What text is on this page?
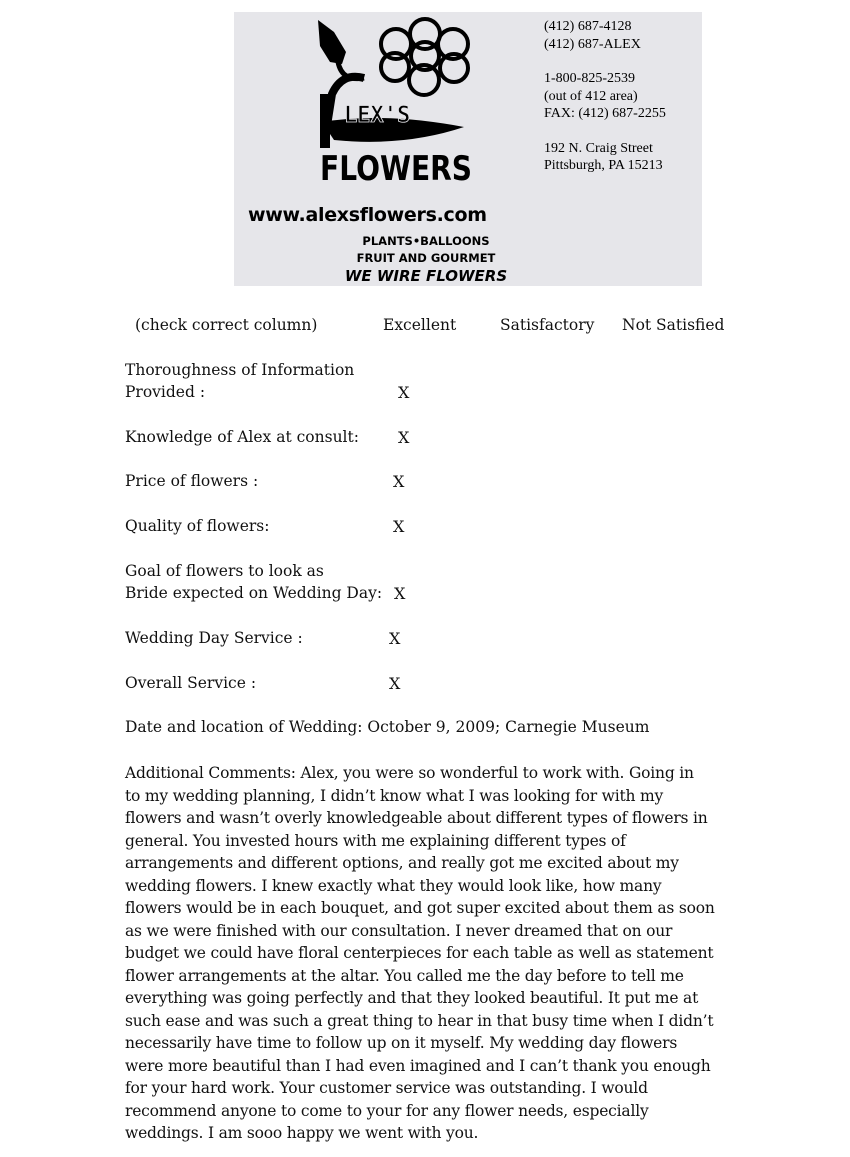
LEX'S
FLOWERS
(412) 687-4128
(412) 687-ALEX
1-800-825-2539
(out of 412 area)
FAX: (412) 687-2255
192 N. Craig Street
Pittsburgh, PA 15213
www.alexsflowers.com
PLANTS•BALLOONS
FRUIT AND GOURMET
WE WIRE FLOWERS
(check correct column)	Excellent	Satisfactory Not Satisfied
Thoroughness of Information
Provided :	X
Knowledge of Alex at consult: X
Price of flowers :	X
Quality of flowers:	X
Goal of flowers to look as
Bride expected on Wedding Day: X
Wedding Day Service :	X
Overall Service :	X
Date and location of Wedding: October 9, 2009; Carnegie Museum
Additional Comments: Alex, you were so wonderful to work with. Going in
to my wedding planning, I didn’t know what I was looking for with my
flowers and wasn’t overly knowledgeable about different types of flowers in
general. You invested hours with me explaining different types of
arrangements and different options, and really got me excited about my
wedding flowers. I knew exactly what they would look like, how many
flowers would be in each bouquet, and got super excited about them as soon
as we were finished with our consultation. I never dreamed that on our
budget we could have floral centerpieces for each table as well as statement
flower arrangements at the altar. You called me the day before to tell me
everything was going perfectly and that they looked beautiful. It put me at
such ease and was such a great thing to hear in that busy time when I didn’t
necessarily have time to follow up on it myself. My wedding day flowers
were more beautiful than I had even imagined and I can’t thank you enough
for your hard work. Your customer service was outstanding. I would
recommend anyone to come to your for any flower needs, especially
weddings. I am sooo happy we went with you.
